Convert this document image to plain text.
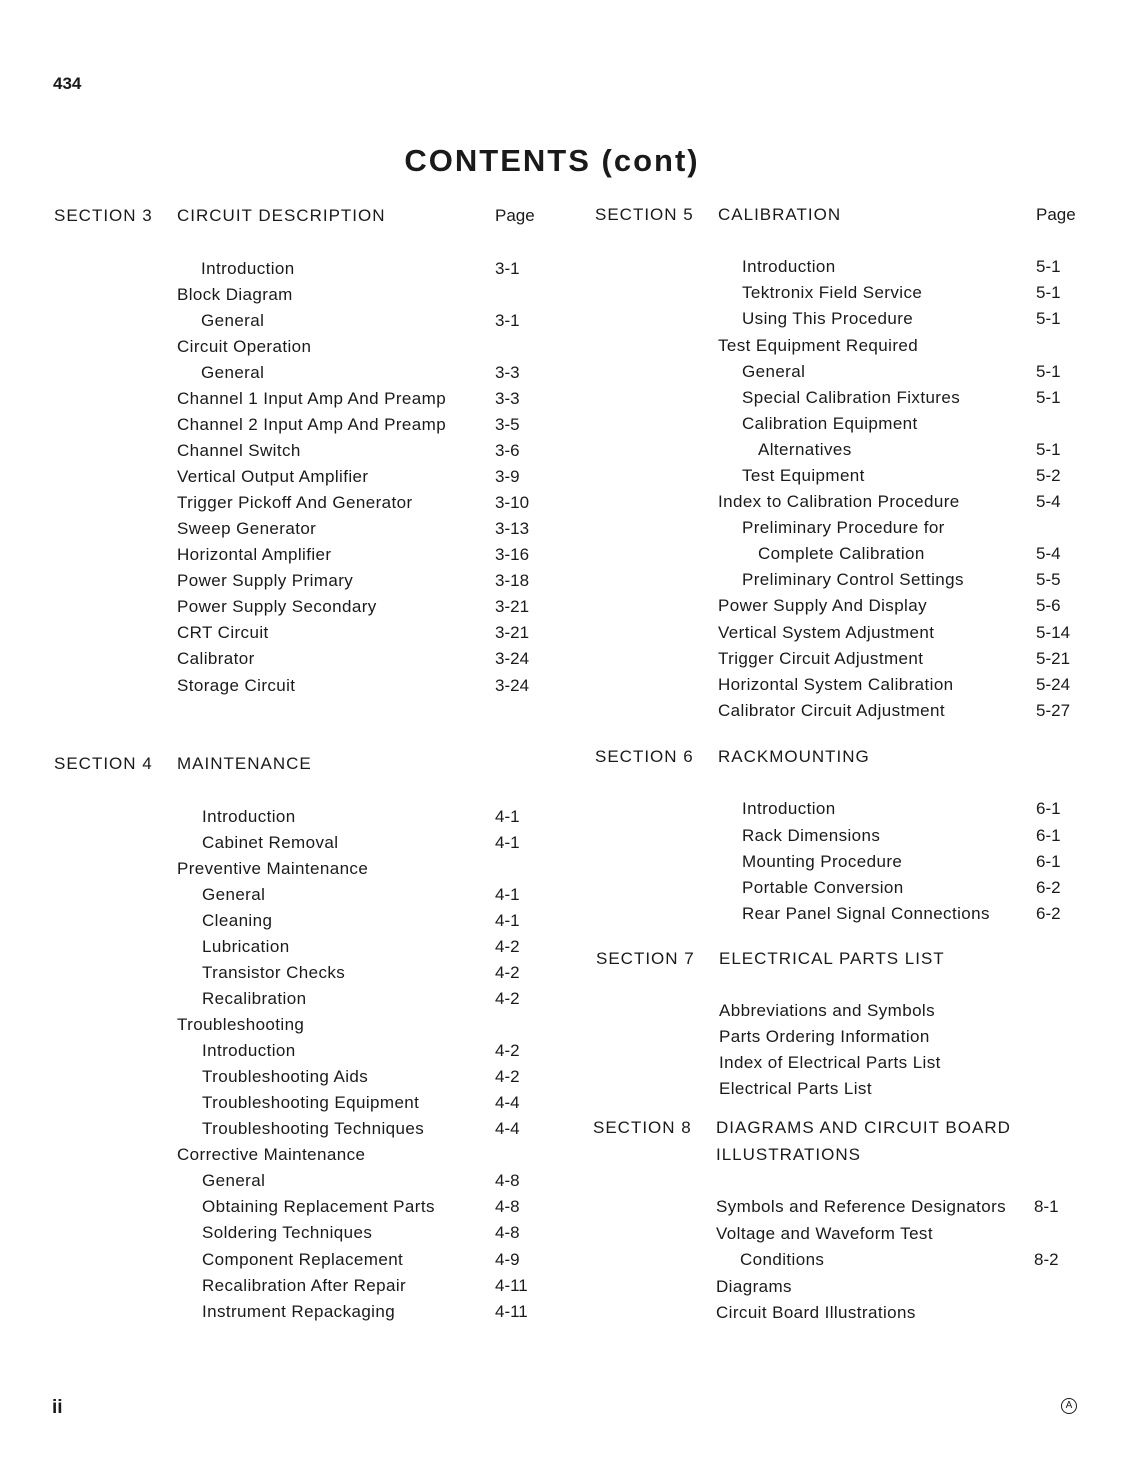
434
CONTENTS (cont)
SECTION 3 CIRCUIT DESCRIPTION	Page
Introduction	3-1
Block Diagram
General	3-1
Circuit Operation
General	3-3
Channel 1 Input Amp And Preamp	3-3
Channel 2 Input Amp And Preamp	3-5
Channel Switch	3-6
Vertical Output Amplifier	3-9
Trigger Pickoff And Generator	3-10
Sweep Generator	3-13
Horizontal Amplifier	3-16
Power Supply Primary	3-18
Power Supply Secondary	3-21
CRT Circuit	3-21
Calibrator	3-24
Storage Circuit	3-24
SECTION 4 MAINTENANCE
Introduction	4-1
Cabinet Removal	4-1
Preventive Maintenance
General	4-1
Cleaning	4-1
Lubrication	4-2
Transistor Checks	4-2
Recalibration	4-2
Troubleshooting
Introduction	4-2
Troubleshooting Aids	4-2
Troubleshooting Equipment	4-4
Troubleshooting Techniques	4-4
Corrective Maintenance
General	4-8
Obtaining Replacement Parts	4-8
Soldering Techniques	4-8
Component Replacement	4-9
Recalibration After Repair	4-11
Instrument Repackaging	4-11
SECTION 5 CALIBRATION	Page
Introduction	5-1
Tektronix Field Service	5-1
Using This Procedure	5-1
Test Equipment Required
General	5-1
Special Calibration Fixtures	5-1
Calibration Equipment
Alternatives	5-1
Test Equipment	5-2
Index to Calibration Procedure	5-4
Preliminary Procedure for
Complete Calibration	5-4
Preliminary Control Settings	5-5
Power Supply And Display	5-6
Vertical System Adjustment	5-14
Trigger Circuit Adjustment	5-21
Horizontal System Calibration	5-24
Calibrator Circuit Adjustment	5-27
SECTION 6 RACKMOUNTING
Introduction	6-1
Rack Dimensions	6-1
Mounting Procedure	6-1
Portable Conversion	6-2
Rear Panel Signal Connections	6-2
SECTION 7 ELECTRICAL PARTS LIST
Abbreviations and Symbols
Parts Ordering Information
Index of Electrical Parts List
Electrical Parts List
SECTION 8 DIAGRAMS AND CIRCUIT BOARD
ILLUSTRATIONS
Symbols and Reference Designators 8-1
Voltage and Waveform Test
Conditions	8-2
Diagrams
Circuit Board Illustrations
ii	A
